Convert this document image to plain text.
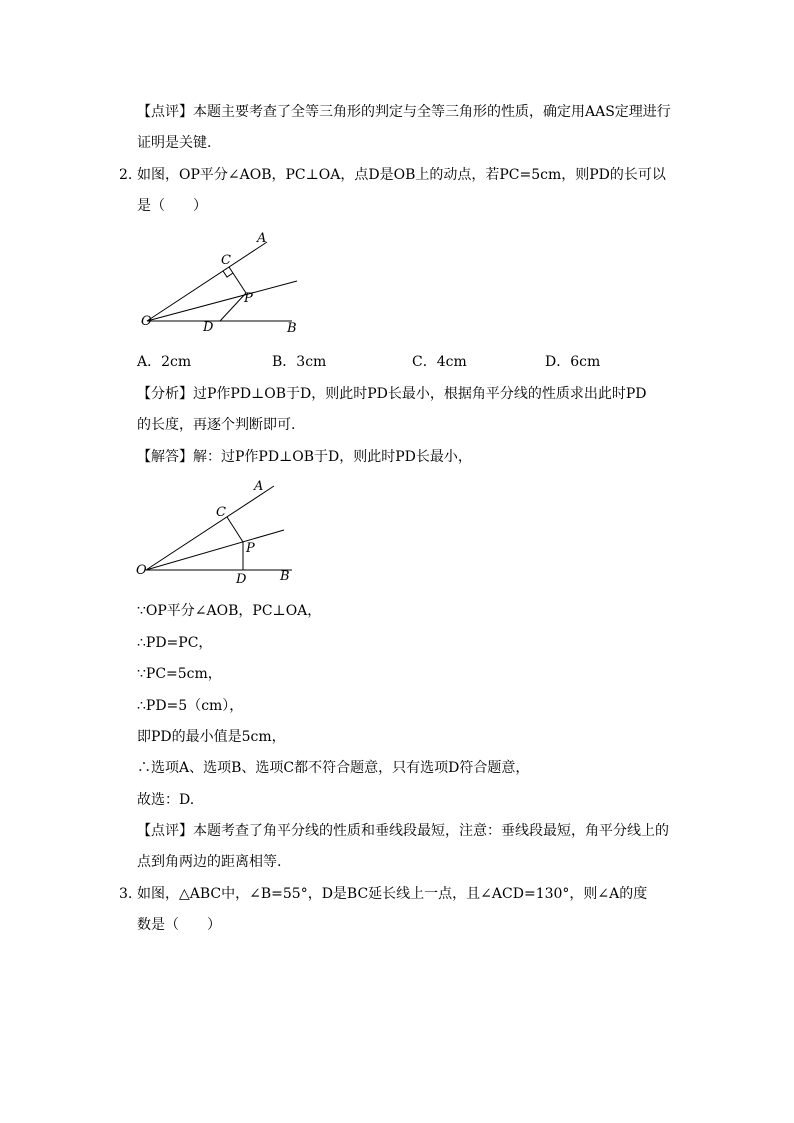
【点评】本题主要考查了全等三角形的判定与全等三角形的性质，确定用AAS定理进行
证明是关键.
2. 如图，OP平分∠AOB，PC⊥OA，点D是OB上的动点，若PC=5cm，则PD的长可以
是（　　）
A
C
P
O	D	B
A．2cm	B．3cm	C．4cm	D．6cm
【分析】过P作PD⊥OB于D，则此时PD长最小，根据角平分线的性质求出此时PD
的长度，再逐个判断即可.
【解答】解：过P作PD⊥OB于D，则此时PD长最小，
A
C
P
O
D	B
∵OP平分∠AOB，PC⊥OA，
∴PD=PC，
∵PC=5cm，
∴PD=5（cm），
即PD的最小值是5cm，
∴选项A、选项B、选项C都不符合题意，只有选项D符合题意，
故选：D.
【点评】本题考查了角平分线的性质和垂线段最短，注意：垂线段最短，角平分线上的
点到角两边的距离相等.
3. 如图，△ABC中，∠B=55°，D是BC延长线上一点，且∠ACD=130°，则∠A的度
数是（　　）
